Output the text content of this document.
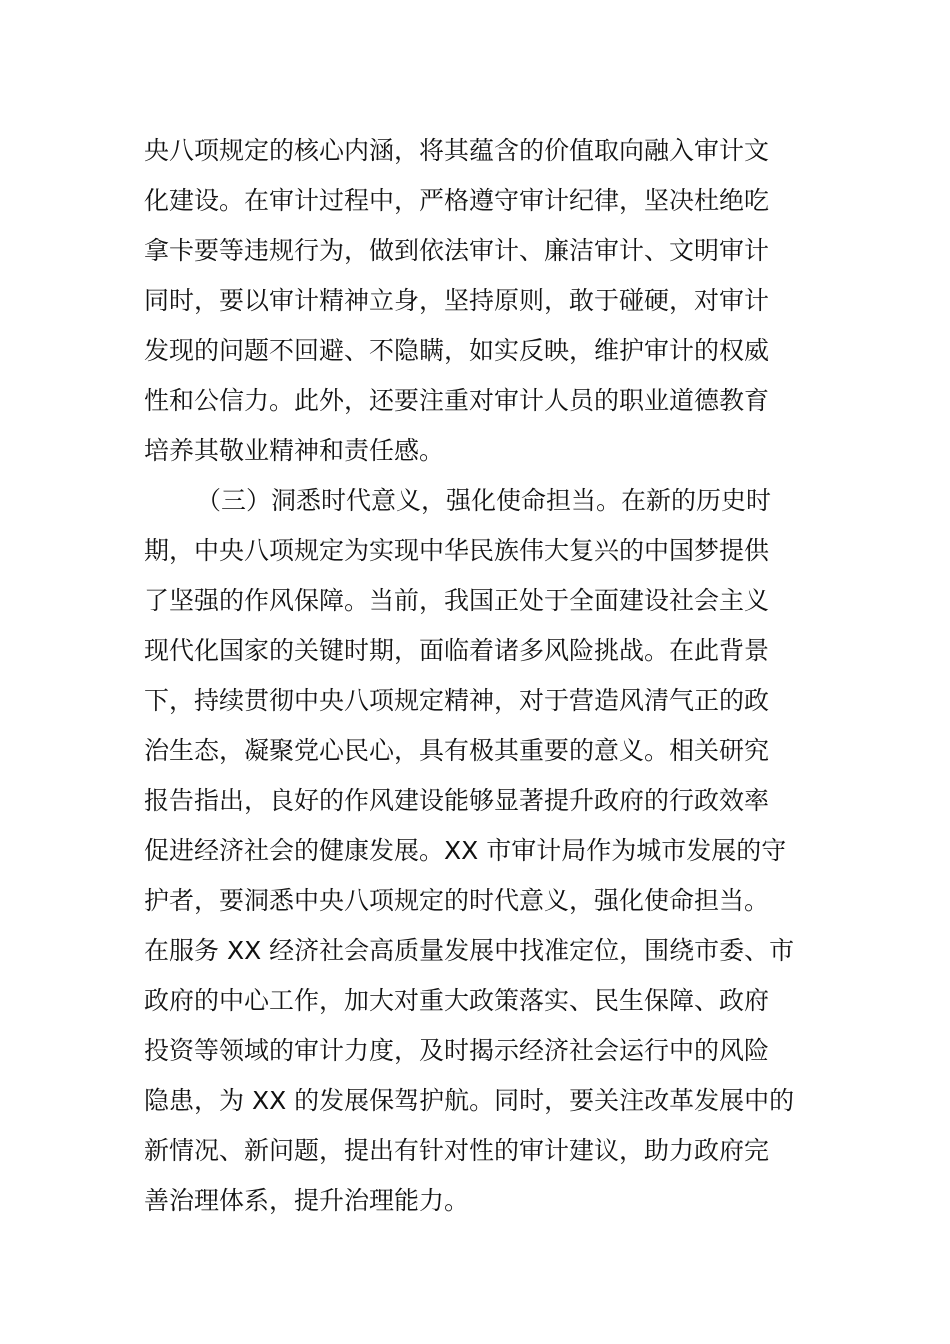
央八项规定的核心内涵，将其蕴含的价值取向融入审计文
化建设。在审计过程中，严格遵守审计纪律，坚决杜绝吃
拿卡要等违规行为，做到依法审计、廉洁审计、文明审计
同时，要以审计精神立身，坚持原则，敢于碰硬，对审计
发现的问题不回避、不隐瞒，如实反映，维护审计的权威
性和公信力。此外，还要注重对审计人员的职业道德教育
培养其敬业精神和责任感。
（三）洞悉时代意义，强化使命担当。在新的历史时
期，中央八项规定为实现中华民族伟大复兴的中国梦提供
了坚强的作风保障。当前，我国正处于全面建设社会主义
现代化国家的关键时期，面临着诸多风险挑战。在此背景
下，持续贯彻中央八项规定精神，对于营造风清气正的政
治生态，凝聚党心民心，具有极其重要的意义。相关研究
报告指出，良好的作风建设能够显著提升政府的行政效率
促进经济社会的健康发展。XX 市审计局作为城市发展的守
护者，要洞悉中央八项规定的时代意义，强化使命担当。
在服务 XX 经济社会高质量发展中找准定位，围绕市委、市
政府的中心工作，加大对重大政策落实、民生保障、政府
投资等领域的审计力度，及时揭示经济社会运行中的风险
隐患，为 XX 的发展保驾护航。同时，要关注改革发展中的
新情况、新问题，提出有针对性的审计建议，助力政府完
善治理体系，提升治理能力。
